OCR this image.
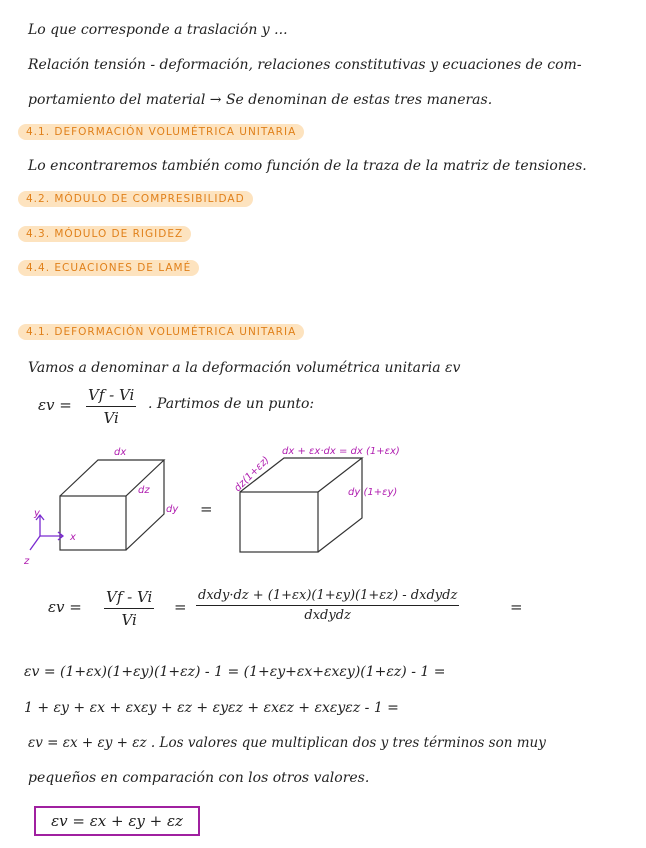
Lo que corresponde a traslación y ...
Relación tensión - deformación, relaciones constitutivas y ecuaciones de com-
portamiento del material → Se denominan de estas tres maneras.
4.1. DEFORMACIÓN VOLUMÉTRICA UNITARIA
Lo encontraremos también como función de la traza de la matriz de tensiones.
4.2. MÓDULO DE COMPRESIBILIDAD
4.3. MÓDULO DE RIGIDEZ
4.4. ECUACIONES DE LAMÉ
4.1. DEFORMACIÓN VOLUMÉTRICA UNITARIA
Vamos a denominar a la deformación volumétrica unitaria εv
$\varepsilon v = \frac{Vf - Vi}{Vi}$ . Partimos de un punto:
dx
dz
dy =
dx + εx·dx = dx (1+εx)
dz(1+εz)	dy (1+εy)
y
x
z
$\varepsilon v = \frac{Vf - Vi}{Vi}$ =
dxdy·dz + (1+εx)(1+εy)(1+εz) - dxdydz
dxdydz	=
εv = (1+εx)(1+εy)(1+εz) - 1 = (1+εy+εx+εxεy)(1+εz) - 1 =
1 + εy + εx + εxεy + εz + εyεz + εxεz + εxεyεz - 1 =
εv = εx + εy + εz . Los valores que multiplican dos y tres términos son muy
pequeños en comparación con los otros valores.
εv = εx + εy + εz
